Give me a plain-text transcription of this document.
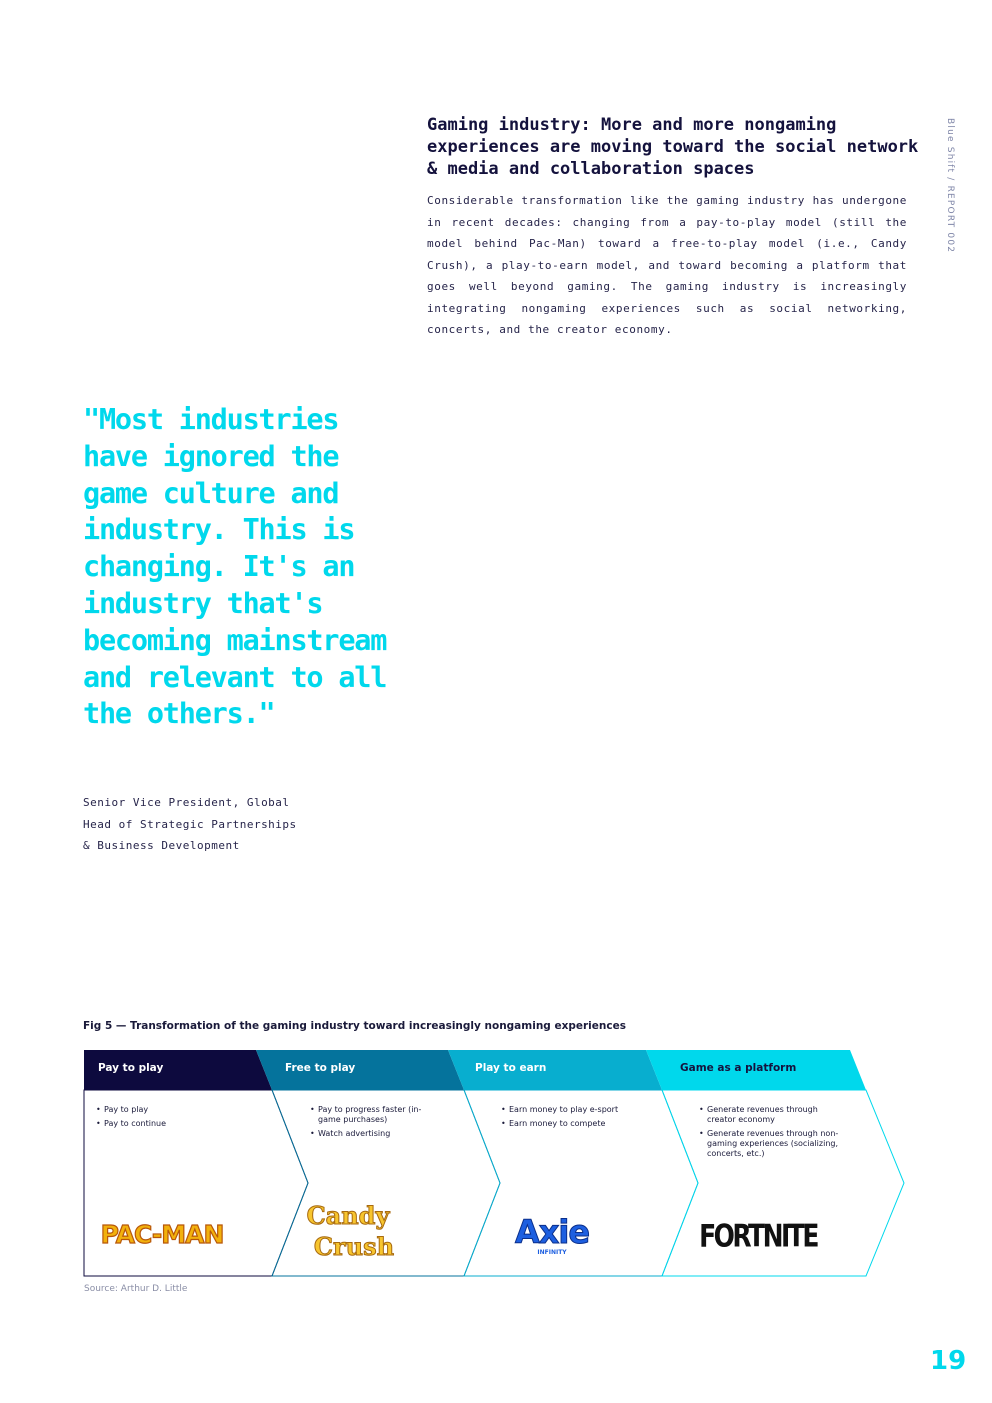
Blue Shift / REPORT 002
Gaming industry: More and more nongaming experiences are moving toward the social network & media and collaboration spaces

Considerable transformation like the gaming industry has undergone in recent decades: changing from a pay-to-play model (still the model behind Pac-Man) toward a free-to-play model (i.e., Candy Crush), a play-to-earn model, and toward becoming a platform that goes well beyond gaming. The gaming industry is increasingly integrating nongaming experiences such as social networking, concerts, and the creator economy.

"Most industries have ignored the game culture and industry. This is changing. It's an industry that's becoming mainstream and relevant to all the others."

Senior Vice President, Global
Head of Strategic Partnerships
& Business Development
Fig 5 — Transformation of the gaming industry toward increasingly nongaming experiences
PAC-MAN
Candy
Crush	Axie
INFINITY	FORTNITE
Pay to play	Free to play	Play to earn	Game as a platform
• Pay to play
• Pay to continue
• Pay to progress faster (in-game purchases)
• Watch advertising
• Earn money to play e-sport
• Earn money to compete
• Generate revenues through creator economy
• Generate revenues through non-gaming experiences (socializing, concerts, etc.)
Source: Arthur D. Little
19
